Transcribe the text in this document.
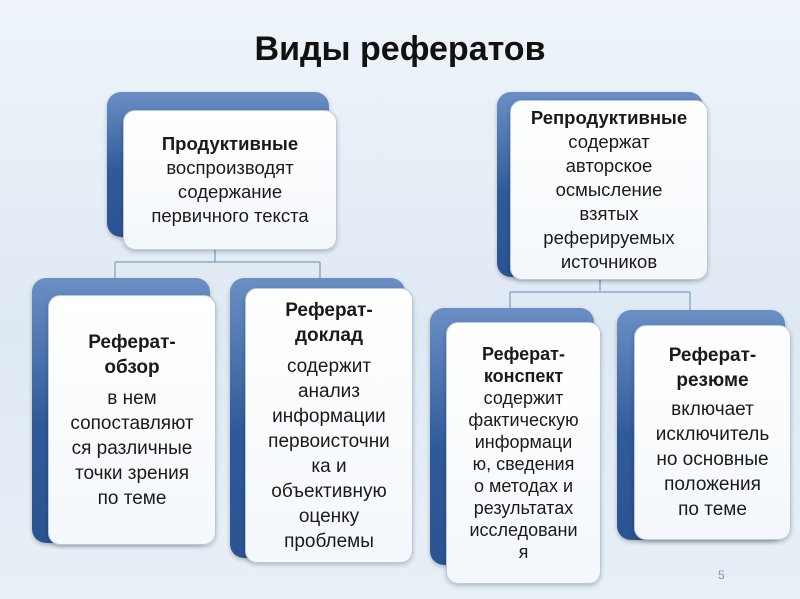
Виды рефератов
Продуктивные
воспроизводят
содержание
первичного текста
Репродуктивные
содержат
авторское
осмысление
взятых
реферируемых
источников
Реферат-
обзор
в нем
сопоставляют
ся различные
точки зрения
по теме
Реферат-
доклад
содержит
анализ
информации
первоисточни
ка и
объективную
оценку
проблемы
Реферат-
конспект
содержит
фактическую
информаци
ю, сведения
о методах и
результатах
исследовани
я
Реферат-
резюме
включает
исключитель
но основные
положения
по теме
5
